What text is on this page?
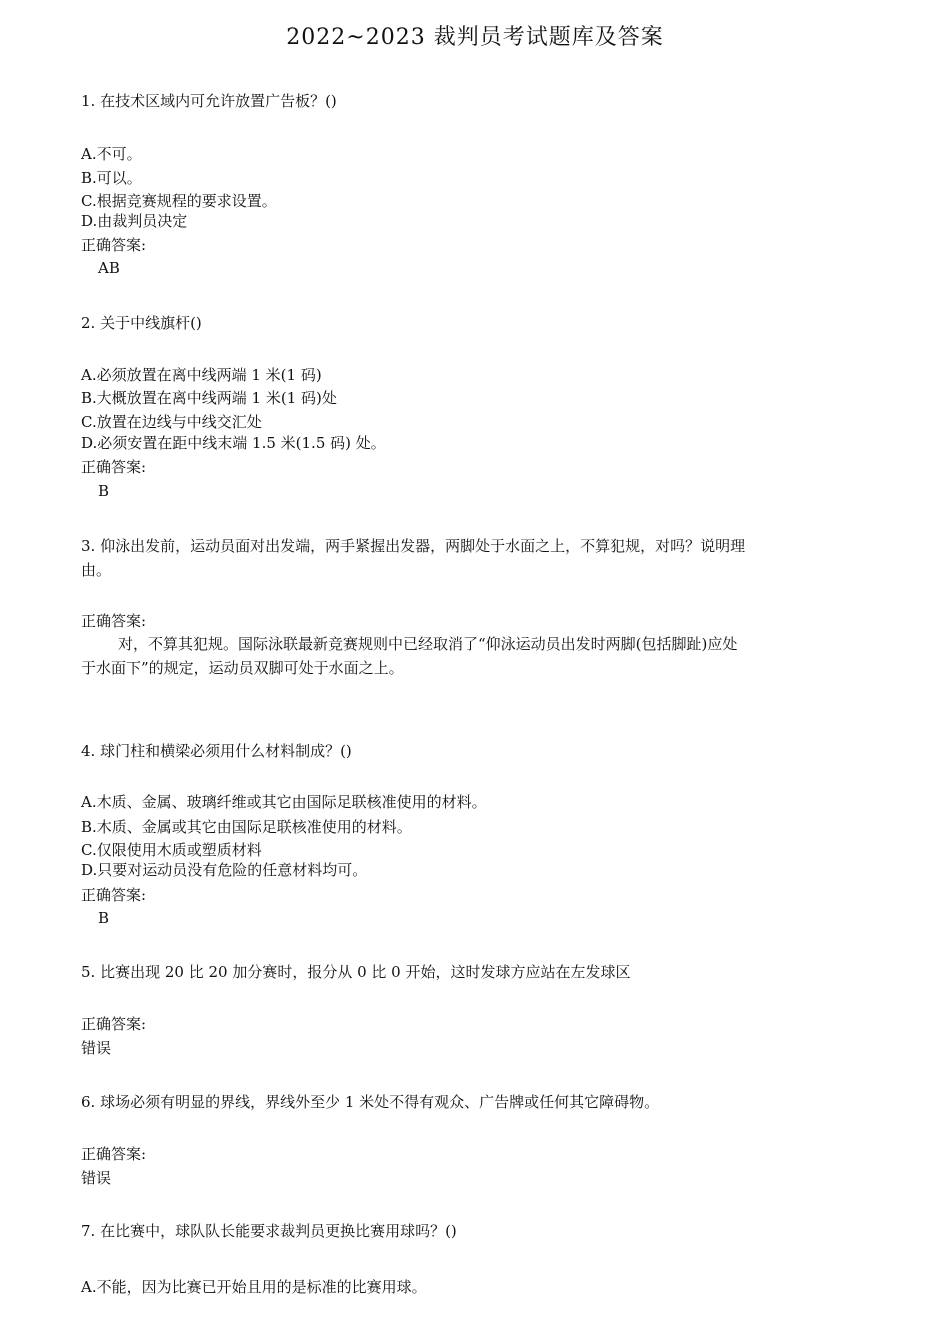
2022~2023 裁判员考试题库及答案
1. 在技术区域内可允许放置广告板？()
A.不可。
B.可以。
C.根据竞赛规程的要求设置。
D.由裁判员决定
正确答案:
AB
2. 关于中线旗杆()
A.必须放置在离中线两端 1 米(1 码)
B.大概放置在离中线两端 1 米(1 码)处
C.放置在边线与中线交汇处
D.必须安置在距中线末端 1.5 米(1.5 码) 处。
正确答案:
B
3. 仰泳出发前，运动员面对出发端，两手紧握出发器，两脚处于水面之上，不算犯规，对吗？说明理
由。
正确答案:
对，不算其犯规。国际泳联最新竞赛规则中已经取消了“仰泳运动员出发时两脚(包括脚趾)应处
于水面下”的规定，运动员双脚可处于水面之上。
4. 球门柱和横梁必须用什么材料制成？()
A.木质、金属、玻璃纤维或其它由国际足联核准使用的材料。
B.木质、金属或其它由国际足联核准使用的材料。
C.仅限使用木质或塑质材料
D.只要对运动员没有危险的任意材料均可。
正确答案:
B
5. 比赛出现 20 比 20 加分赛时，报分从 0 比 0 开始，这时发球方应站在左发球区
正确答案:
错误
6. 球场必须有明显的界线，界线外至少 1 米处不得有观众、广告牌或任何其它障碍物。
正确答案:
错误
7. 在比赛中，球队队长能要求裁判员更换比赛用球吗？()
A.不能，因为比赛已开始且用的是标准的比赛用球。
